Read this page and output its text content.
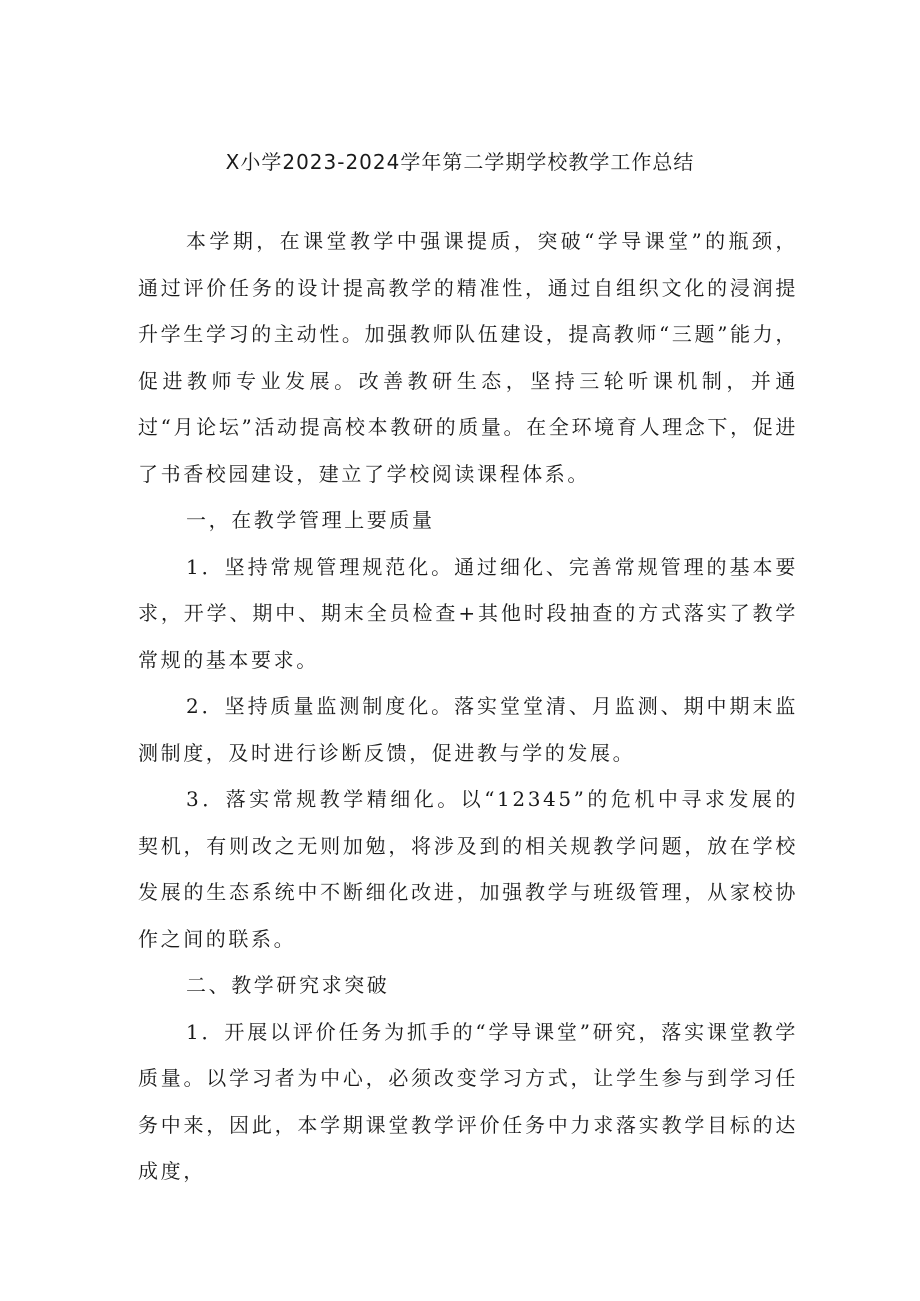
X小学2023-2024学年第二学期学校教学工作总结

本学期，在课堂教学中强课提质，突破“学导课堂”的瓶颈，通过评价任务的设计提高教学的精准性，通过自组织文化的浸润提升学生学习的主动性。加强教师队伍建设，提高教师“三题”能力，促进教师专业发展。改善教研生态，坚持三轮听课机制，并通过“月论坛”活动提高校本教研的质量。在全环境育人理念下，促进了书香校园建设，建立了学校阅读课程体系。

一，在教学管理上要质量

1．坚持常规管理规范化。通过细化、完善常规管理的基本要求，开学、期中、期末全员检查+其他时段抽查的方式落实了教学常规的基本要求。

2．坚持质量监测制度化。落实堂堂清、月监测、期中期末监测制度，及时进行诊断反馈，促进教与学的发展。

3．落实常规教学精细化。以“12345”的危机中寻求发展的契机，有则改之无则加勉，将涉及到的相关规教学问题，放在学校发展的生态系统中不断细化改进，加强教学与班级管理，从家校协作之间的联系。

二、教学研究求突破

1．开展以评价任务为抓手的“学导课堂”研究，落实课堂教学质量。以学习者为中心，必须改变学习方式，让学生参与到学习任务中来，因此，本学期课堂教学评价任务中力求落实教学目标的达成度，
